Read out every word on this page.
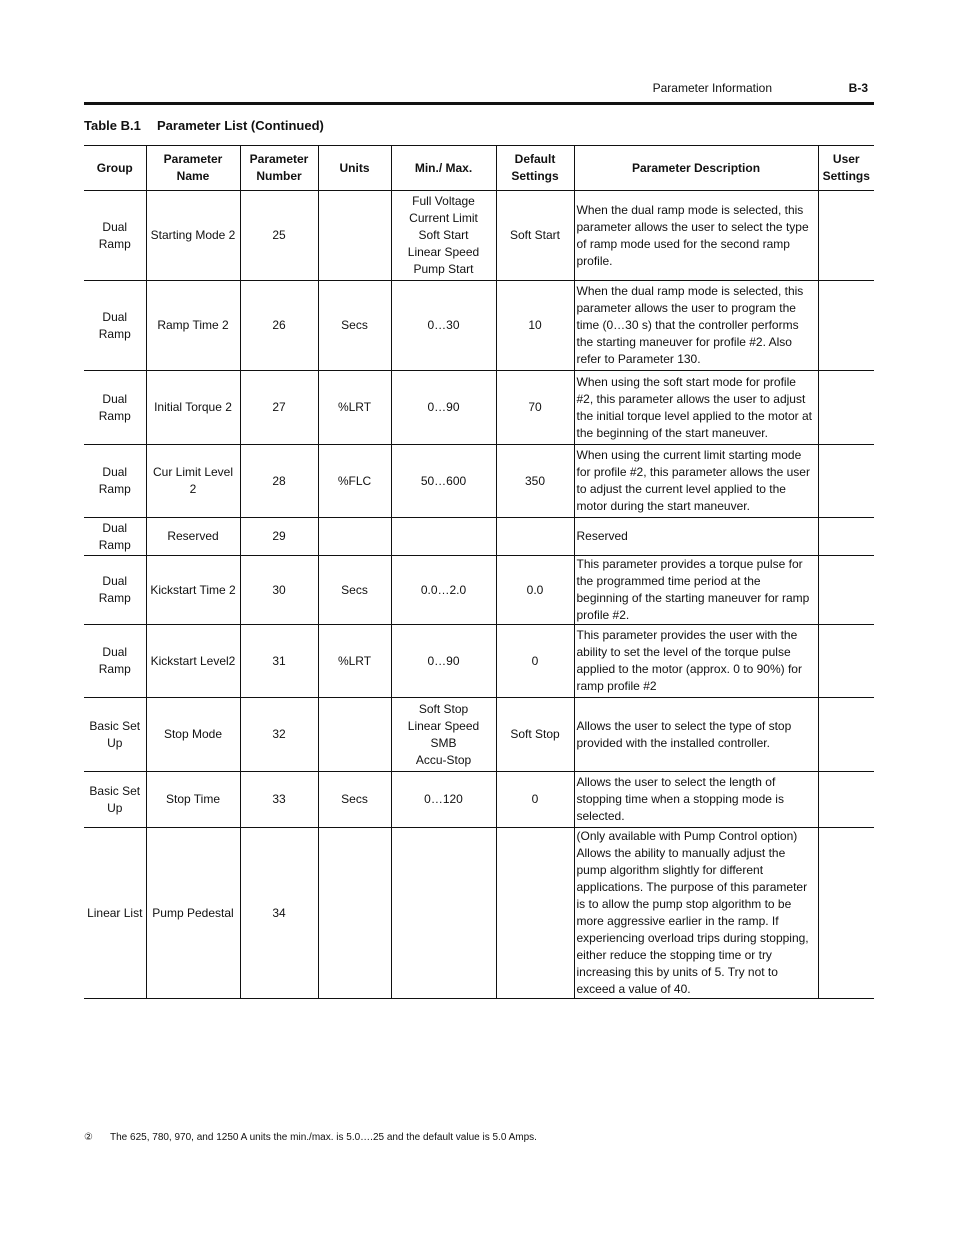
Parameter Information	B-3
Table B.1 Parameter List (Continued)
Group	Parameter Name	Parameter Number	Units	Min./ Max.	Default Settings	Parameter Description	User Settings
Dual Ramp	Starting Mode 2	25		Full Voltage
Current Limit
Soft Start
Linear Speed
Pump Start	Soft Start	When the dual ramp mode is selected, this parameter allows the user to select the type of ramp mode used for the second ramp profile.	
Dual Ramp	Ramp Time 2	26	Secs	0…30	10	When the dual ramp mode is selected, this parameter allows the user to program the time (0…30 s) that the controller performs the starting maneuver for profile #2. Also refer to Parameter 130.	
Dual Ramp	Initial Torque 2	27	%LRT	0…90	70	When using the soft start mode for profile #2, this parameter allows the user to adjust the initial torque level applied to the motor at the beginning of the start maneuver.	
Dual Ramp	Cur Limit Level 2	28	%FLC	50…600	350	When using the current limit starting mode for profile #2, this parameter allows the user to adjust the current level applied to the motor during the start maneuver.	
Dual Ramp	Reserved	29				Reserved	
Dual Ramp	Kickstart Time 2	30	Secs	0.0…2.0	0.0	This parameter provides a torque pulse for the programmed time period at the beginning of the starting maneuver for ramp profile #2.	
Dual Ramp	Kickstart Level2	31	%LRT	0…90	0	This parameter provides the user with the ability to set the level of the torque pulse applied to the motor (approx. 0 to 90%) for ramp profile #2	
Basic Set Up	Stop Mode	32		Soft Stop
Linear Speed
SMB
Accu-Stop	Soft Stop	Allows the user to select the type of stop provided with the installed controller.	
Basic Set Up	Stop Time	33	Secs	0…120	0	Allows the user to select the length of stopping time when a stopping mode is selected.	
Linear List	Pump Pedestal	34				(Only available with Pump Control option) Allows the ability to manually adjust the pump algorithm slightly for different applications. The purpose of this parameter is to allow the pump stop algorithm to be more aggressive earlier in the ramp. If experiencing overload trips during stopping, either reduce the stopping time or try increasing this by units of 5. Try not to exceed a value of 40.	
② The 625, 780, 970, and 1250 A units the min./max. is 5.0….25 and the default value is 5.0 Amps.
